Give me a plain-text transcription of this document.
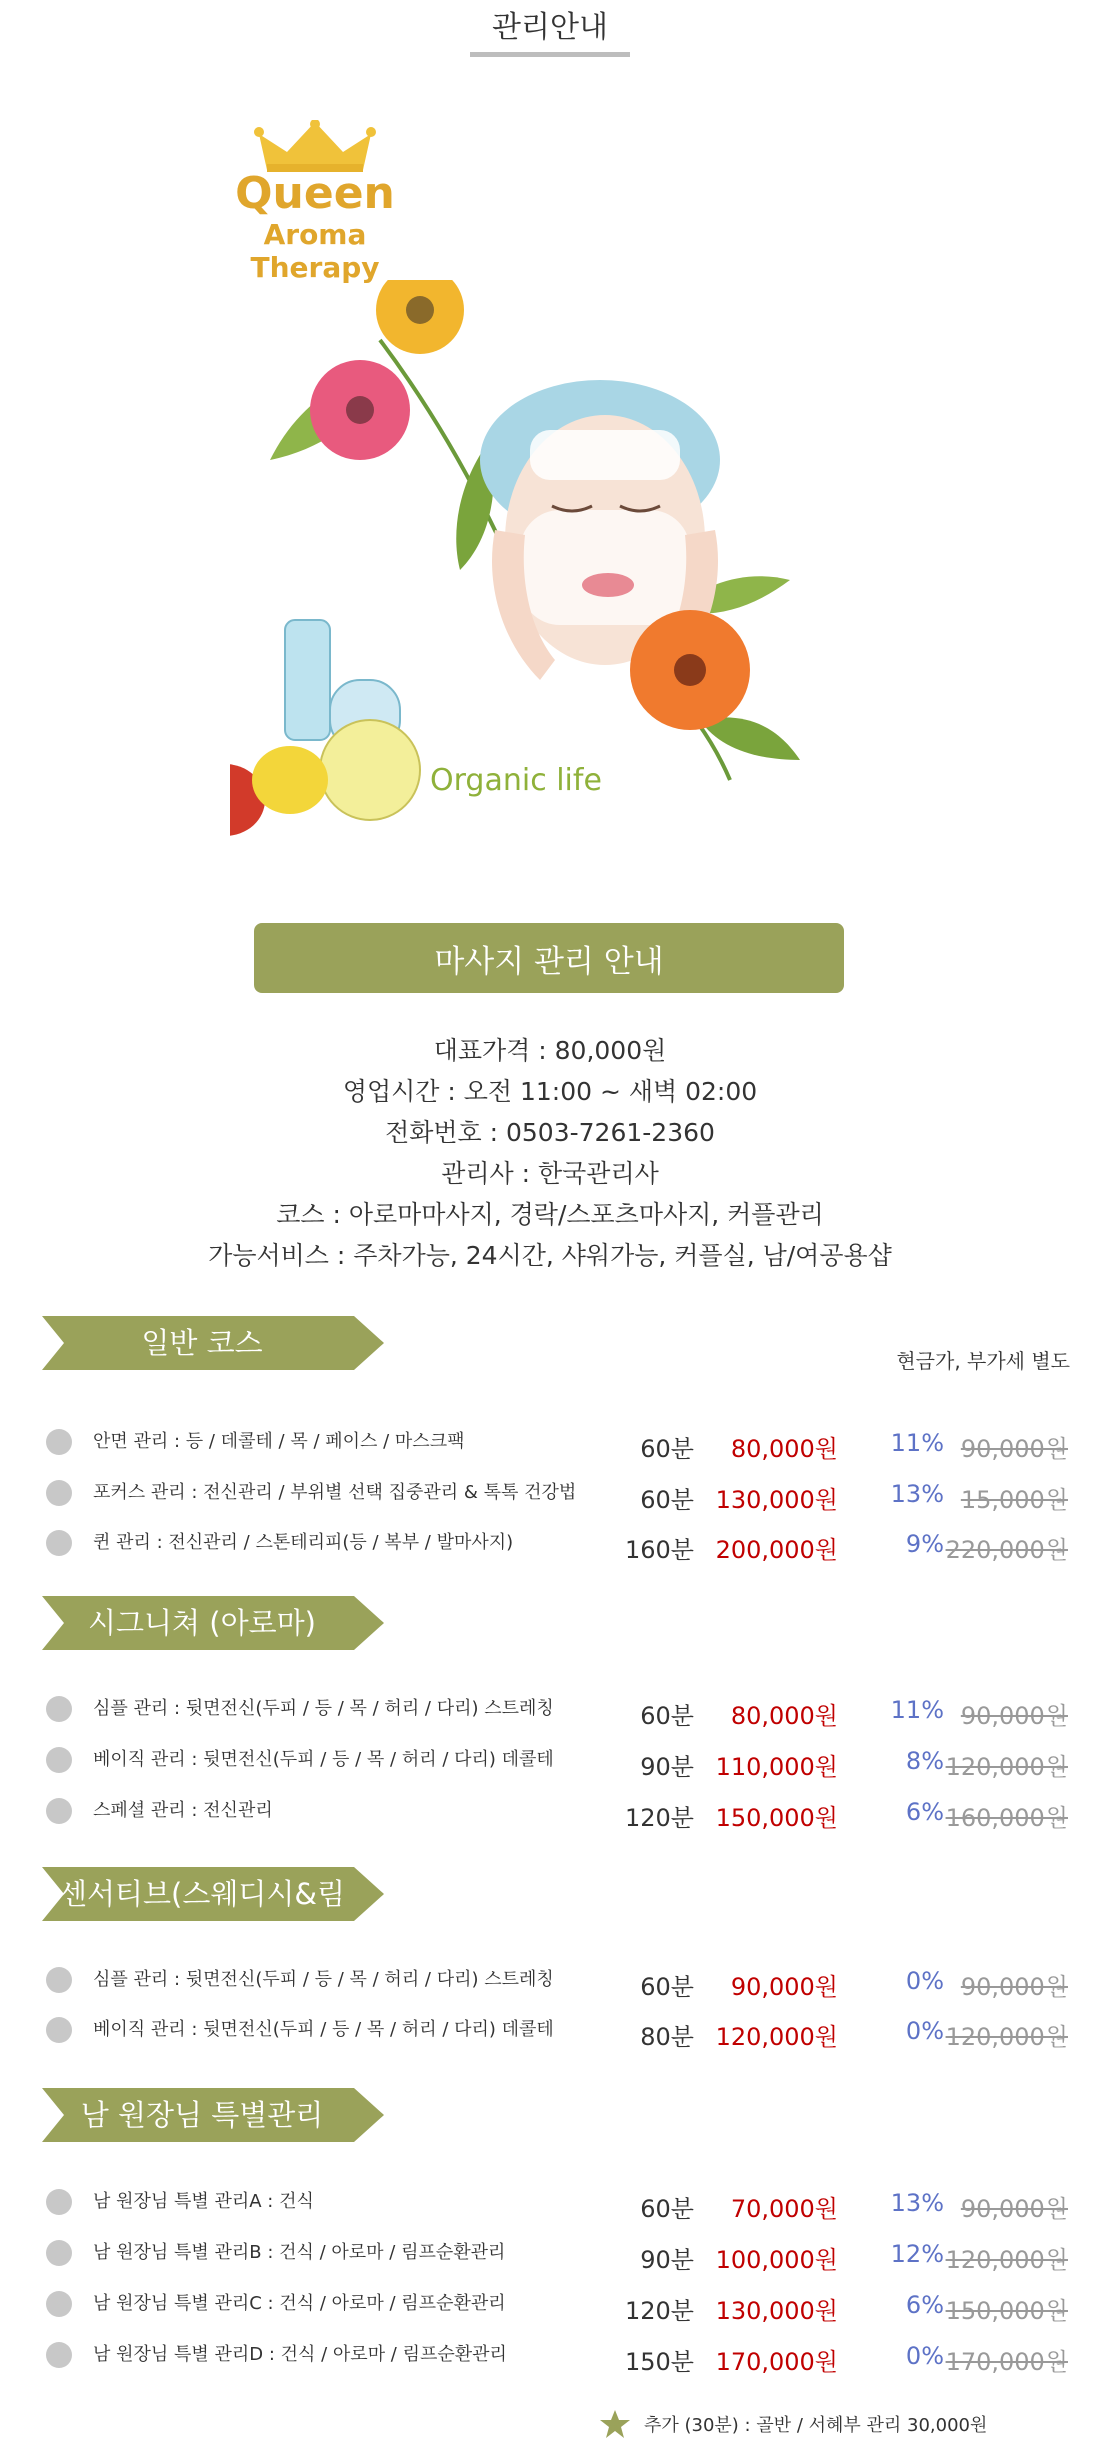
관리안내
Queen
Aroma Therapy
Organic life
마사지 관리 안내
대표가격 : 80,000원
영업시간 : 오전 11:00 ~ 새벽 02:00
전화번호 : 0503-7261-2360
관리사 : 한국관리사
코스 : 아로마마사지, 경락/스포츠마사지, 커플관리
가능서비스 : 주차가능, 24시간, 샤워가능, 커플실, 남/여공용샵
일반 코스
현금가, 부가세 별도
안면 관리 : 등 / 데콜테 / 목 / 페이스 / 마스크팩	60분 80,000원 11% 90,000원
포커스 관리 : 전신관리 / 부위별 선택 집중관리 & 톡톡 건강법	60분 130,000원 13% 15,000원
퀸 관리 : 전신관리 / 스톤테리피(등 / 복부 / 발마사지)	160분 200,000원	9% 220,000원
시그니쳐 (아로마)
심플 관리 : 뒷면전신(두피 / 등 / 목 / 허리 / 다리) 스트레칭	60분 80,000원 11% 90,000원
베이직 관리 : 뒷면전신(두피 / 등 / 목 / 허리 / 다리) 데콜테	90분 110,000원	8% 120,000원
스페셜 관리 : 전신관리	120분 150,000원	6% 160,000원
센서티브(스웨디시&림프)
심플 관리 : 뒷면전신(두피 / 등 / 목 / 허리 / 다리) 스트레칭	60분 90,000원	0% 90,000원
베이직 관리 : 뒷면전신(두피 / 등 / 목 / 허리 / 다리) 데콜테	80분 120,000원	0% 120,000원
남 원장님 특별관리
남 원장님 특별 관리A : 건식	60분 70,000원 13% 90,000원
남 원장님 특별 관리B : 건식 / 아로마 / 림프순환관리	90분 100,000원 12% 120,000원
남 원장님 특별 관리C : 건식 / 아로마 / 림프순환관리	120분 130,000원	6% 150,000원
남 원장님 특별 관리D : 건식 / 아로마 / 림프순환관리	150분 170,000원	0% 170,000원
추가 (30분) : 골반 / 서혜부 관리 30,000원
